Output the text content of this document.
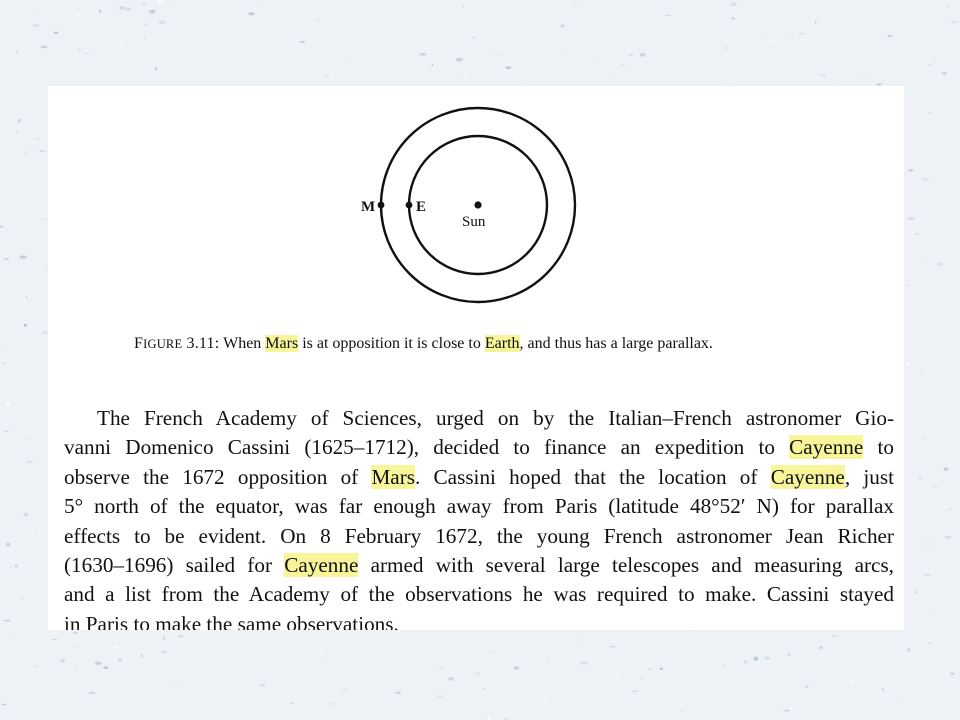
M	E
Sun
FIGURE 3.11: When Mars is at opposition it is close to Earth, and thus has a large parallax.
The French Academy of Sciences, urged on by the Italian–French astronomer Gio-
vanni Domenico Cassini (1625–1712), decided to finance an expedition to Cayenne to
observe the 1672 opposition of Mars. Cassini hoped that the location of Cayenne, just
5° north of the equator, was far enough away from Paris (latitude 48°52′ N) for parallax
effects to be evident. On 8 February 1672, the young French astronomer Jean Richer
(1630–1696) sailed for Cayenne armed with several large telescopes and measuring arcs,
and a list from the Academy of the observations he was required to make. Cassini stayed
in Paris to make the same observations.
